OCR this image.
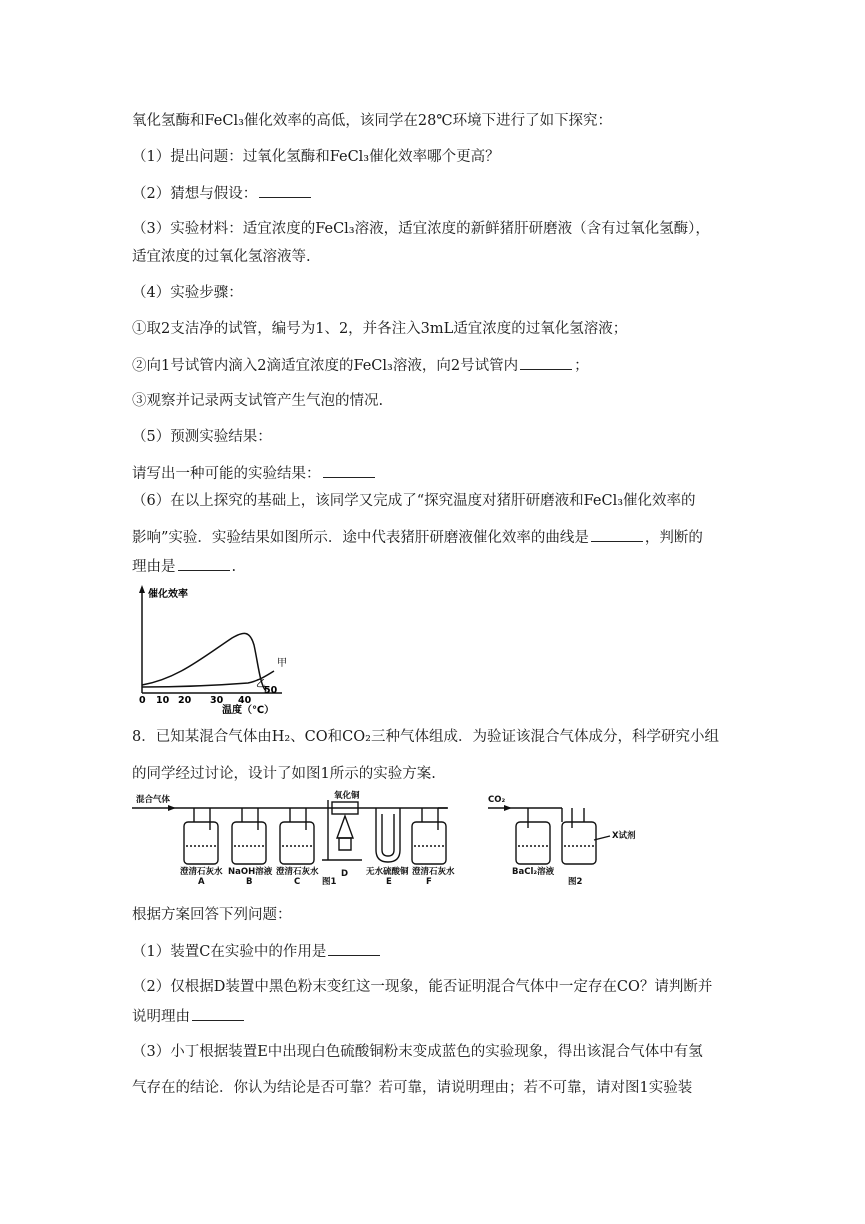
氧化氢酶和FeCl₃催化效率的高低，该同学在28℃环境下进行了如下探究：
（1）提出问题：过氧化氢酶和FeCl₃催化效率哪个更高？
（2）猜想与假设：
（3）实验材料：适宜浓度的FeCl₃溶液，适宜浓度的新鲜猪肝研磨液（含有过氧化氢酶），
适宜浓度的过氧化氢溶液等.
（4）实验步骤：
①取2支洁净的试管，编号为1、2，并各注入3mL适宜浓度的过氧化氢溶液；
②向1号试管内滴入2滴适宜浓度的FeCl₃溶液，向2号试管内	；
③观察并记录两支试管产生气泡的情况.
（5）预测实验结果：
请写出一种可能的实验结果：
（6）在以上探究的基础上，该同学又完成了“探究温度对猪肝研磨液和FeCl₃催化效率的
影响”实验．实验结果如图所示．途中代表猪肝研磨液催化效率的曲线是	，判断的
理由是	.
催化效率
甲
乙
0 10 20 30 40
50
温度（℃）
8．已知某混合气体由H₂、CO和CO₂三种气体组成．为验证该混合气体成分，科学研究小组
的同学经过讨论，设计了如图1所示的实验方案.
混合气体	氧化铜	CO₂
X试剂
澄清石灰水
A
NaOH溶液
B
澄清石灰水
C
D 无水硫酸铜
E
澄清石灰水
F
图1
BaCl₂溶液
图2
根据方案回答下列问题：
（1）装置C在实验中的作用是
（2）仅根据D装置中黑色粉末变红这一现象，能否证明混合气体中一定存在CO？请判断并
说明理由
（3）小丁根据装置E中出现白色硫酸铜粉末变成蓝色的实验现象，得出该混合气体中有氢
气存在的结论．你认为结论是否可靠？若可靠，请说明理由；若不可靠，请对图1实验装
